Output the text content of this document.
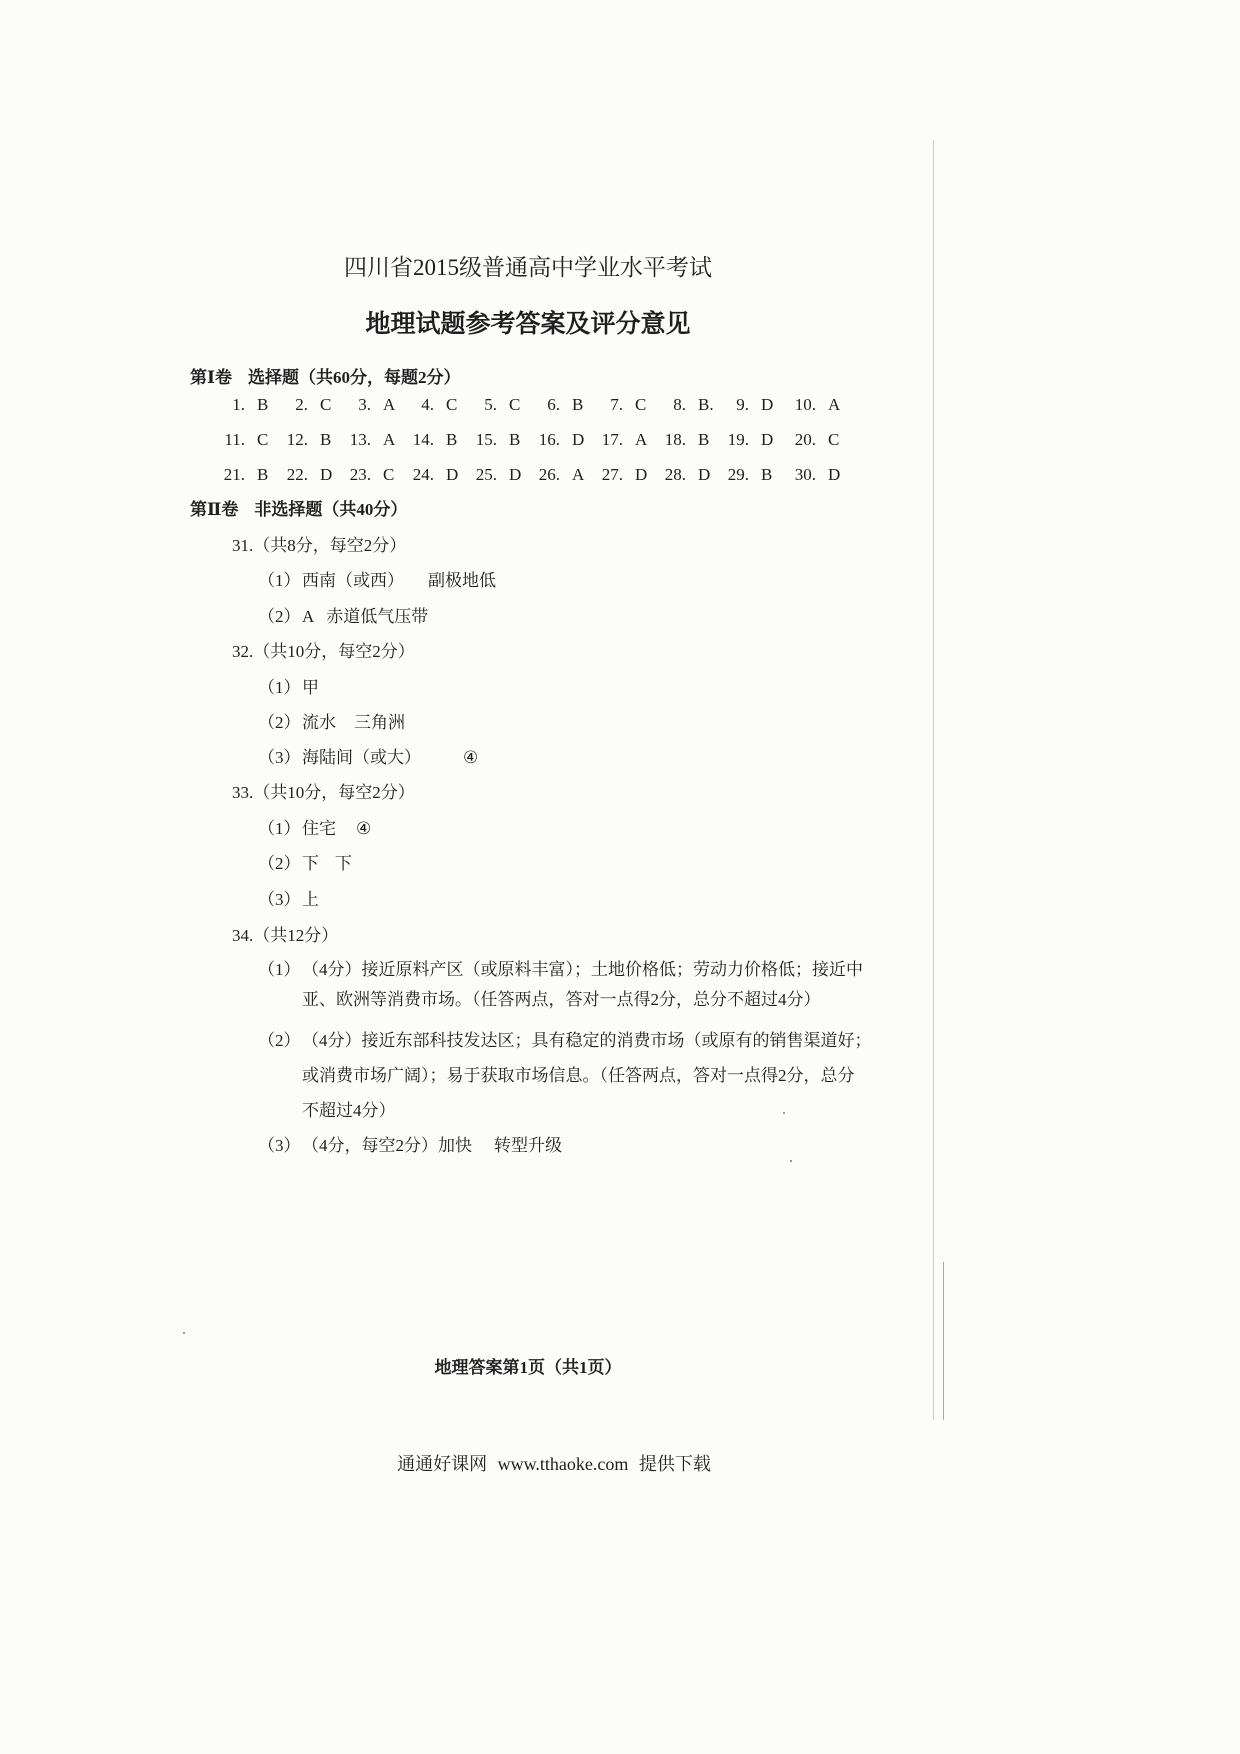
四川省2015级普通高中学业水平考试
地理试题参考答案及评分意见
第Ⅰ卷 选择题（共60分，每题2分）
1. B	2. C	3. A	4. C	5. C	6. B	7. C	8. B.	9. D	10. A
11. C	12. B	13. A	14. B	15. B	16. D	17. A	18. B	19. D	20. C
21. B	22. D	23. C	24. D	25. D	26. A	27. D	28. D	29. B	30. D
第Ⅱ卷 非选择题（共40分）
31. （共8分，每空2分）
（1） 西南（或西） 副极地低
（2） A 赤道低气压带
32. （共10分，每空2分）
（1） 甲
（2） 流水 三角洲
（3） 海陆间（或大） ④
33. （共10分，每空2分）
（1） 住宅 ④
（2） 下 下
（3） 上
34. （共12分）
（1） （4分）接近原料产区（或原料丰富）；土地价格低；劳动力价格低；接近中
亚、欧洲等消费市场。（任答两点，答对一点得2分，总分不超过4分）
（2） （4分）接近东部科技发达区；具有稳定的消费市场（或原有的销售渠道好；
或消费市场广阔）；易于获取市场信息。（任答两点，答对一点得2分，总分
不超过4分）
（3） （4分，每空2分）加快 转型升级
地理答案第1页（共1页）
通通好课网 www.tthaoke.com 提供下载
